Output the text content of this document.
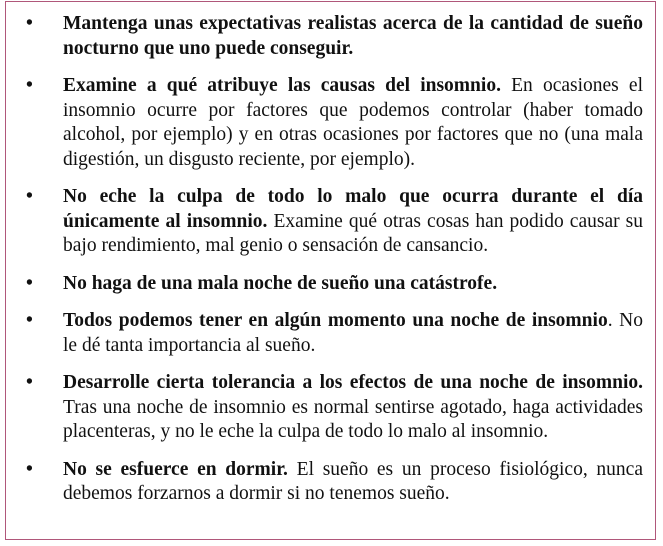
• Mantenga unas expectativas realistas acerca de la cantidad de sueño nocturno que uno puede conseguir.
• Examine a qué atribuye las causas del insomnio. En ocasiones el insomnio ocurre por factores que podemos controlar (haber tomado alcohol, por ejemplo) y en otras ocasiones por factores que no (una mala digestión, un disgusto reciente, por ejemplo).
• No eche la culpa de todo lo malo que ocurra durante el día únicamente al insomnio. Examine qué otras cosas han podido causar su bajo rendimiento, mal genio o sensación de cansancio.
• No haga de una mala noche de sueño una catástrofe.
• Todos podemos tener en algún momento una noche de insomnio. No le dé tanta importancia al sueño.
• Desarrolle cierta tolerancia a los efectos de una noche de insomnio. Tras una noche de insomnio es normal sentirse agotado, haga actividades placenteras, y no le eche la culpa de todo lo malo al insomnio.
• No se esfuerce en dormir. El sueño es un proceso fisiológico, nunca debemos forzarnos a dormir si no tenemos sueño.
